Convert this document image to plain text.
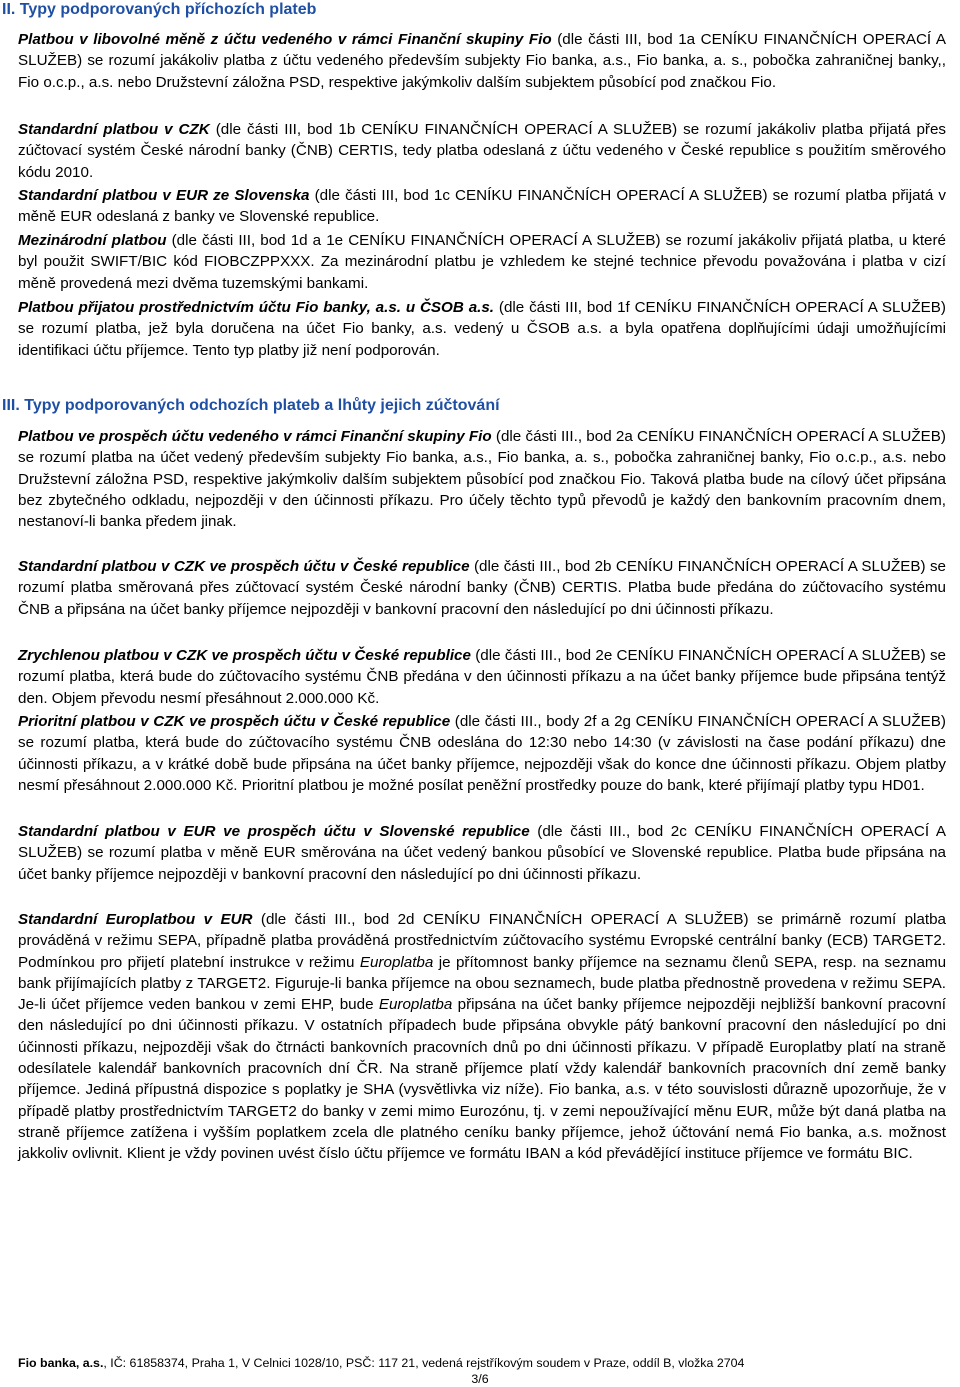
II. Typy podporovaných příchozích plateb

Platbou v libovolné měně z účtu vedeného v rámci Finanční skupiny Fio (dle části III, bod 1a CENÍKU FINANČNÍCH OPERACÍ A SLUŽEB) se rozumí jakákoliv platba z účtu vedeného především subjekty Fio banka, a.s., Fio banka, a. s., pobočka zahraničnej banky,, Fio o.c.p., a.s. nebo Družstevní záložna PSD, respektive jakýmkoliv dalším subjektem působící pod značkou Fio.

Standardní platbou v CZK (dle části III, bod 1b CENÍKU FINANČNÍCH OPERACÍ A SLUŽEB) se rozumí jakákoliv platba přijatá přes zúčtovací systém České národní banky (ČNB) CERTIS, tedy platba odeslaná z účtu vedeného v České republice s použitím směrového kódu 2010.

Standardní platbou v EUR ze Slovenska (dle části III, bod 1c CENÍKU FINANČNÍCH OPERACÍ A SLUŽEB) se rozumí platba přijatá v měně EUR odeslaná z banky ve Slovenské republice.

Mezinárodní platbou (dle části III, bod 1d a 1e CENÍKU FINANČNÍCH OPERACÍ A SLUŽEB) se rozumí jakákoliv přijatá platba, u které byl použit SWIFT/BIC kód FIOBCZPPXXX. Za mezinárodní platbu je vzhledem ke stejné technice převodu považována i platba v cizí měně provedená mezi dvěma tuzemskými bankami.

Platbou přijatou prostřednictvím účtu Fio banky, a.s. u ČSOB a.s. (dle části III, bod 1f CENÍKU FINANČNÍCH OPERACÍ A SLUŽEB) se rozumí platba, jež byla doručena na účet Fio banky, a.s. vedený u ČSOB a.s. a byla opatřena doplňujícími údaji umožňujícími identifikaci účtu příjemce. Tento typ platby již není podporován.

III. Typy podporovaných odchozích plateb a lhůty jejich zúčtování

Platbou ve prospěch účtu vedeného v rámci Finanční skupiny Fio (dle části III., bod 2a CENÍKU FINANČNÍCH OPERACÍ A SLUŽEB) se rozumí platba na účet vedený především subjekty Fio banka, a.s., Fio banka, a. s., pobočka zahraničnej banky, Fio o.c.p., a.s. nebo Družstevní záložna PSD, respektive jakýmkoliv dalším subjektem působící pod značkou Fio. Taková platba bude na cílový účet připsána bez zbytečného odkladu, nejpozději v den účinnosti příkazu. Pro účely těchto typů převodů je každý den bankovním pracovním dnem, nestanoví-li banka předem jinak.

Standardní platbou v CZK ve prospěch účtu v České republice (dle části III., bod 2b CENÍKU FINANČNÍCH OPERACÍ A SLUŽEB) se rozumí platba směrovaná přes zúčtovací systém České národní banky (ČNB) CERTIS. Platba bude předána do zúčtovacího systému ČNB a připsána na účet banky příjemce nejpozději v bankovní pracovní den následující po dni účinnosti příkazu.

Zrychlenou platbou v CZK ve prospěch účtu v České republice (dle části III., bod 2e CENÍKU FINANČNÍCH OPERACÍ A SLUŽEB) se rozumí platba, která bude do zúčtovacího systému ČNB předána v den účinnosti příkazu a na účet banky příjemce bude připsána tentýž den. Objem převodu nesmí přesáhnout 2.000.000 Kč.

Prioritní platbou v CZK ve prospěch účtu v České republice (dle části III., body 2f a 2g CENÍKU FINANČNÍCH OPERACÍ A SLUŽEB) se rozumí platba, která bude do zúčtovacího systému ČNB odeslána do 12:30 nebo 14:30 (v závislosti na čase podání příkazu) dne účinnosti příkazu, a v krátké době bude připsána na účet banky příjemce, nejpozději však do konce dne účinnosti příkazu. Objem platby nesmí přesáhnout 2.000.000 Kč. Prioritní platbou je možné posílat peněžní prostředky pouze do bank, které přijímají platby typu HD01.

Standardní platbou v EUR ve prospěch účtu v Slovenské republice (dle části III., bod 2c CENÍKU FINANČNÍCH OPERACÍ A SLUŽEB) se rozumí platba v měně EUR směrována na účet vedený bankou působící ve Slovenské republice. Platba bude připsána na účet banky příjemce nejpozději v bankovní pracovní den následující po dni účinnosti příkazu.

Standardní Europlatbou v EUR (dle části III., bod 2d CENÍKU FINANČNÍCH OPERACÍ A SLUŽEB) se primárně rozumí platba prováděná v režimu SEPA, případně platba prováděná prostřednictvím zúčtovacího systému Evropské centrální banky (ECB) TARGET2. Podmínkou pro přijetí platební instrukce v režimu Europlatba je přítomnost banky příjemce na seznamu členů SEPA, resp. na seznamu bank přijímajících platby z TARGET2. Figuruje-li banka příjemce na obou seznamech, bude platba přednostně provedena v režimu SEPA. Je-li účet příjemce veden bankou v zemi EHP, bude Europlatba připsána na účet banky příjemce nejpozději nejbližší bankovní pracovní den následující po dni účinnosti příkazu. V ostatních případech bude připsána obvykle pátý bankovní pracovní den následující po dni účinnosti příkazu, nejpozději však do čtrnácti bankovních pracovních dnů po dni účinnosti příkazu. V případě Europlatby platí na straně odesílatele kalendář bankovních pracovních dní ČR. Na straně příjemce platí vždy kalendář bankovních pracovních dní země banky příjemce. Jediná přípustná dispozice s poplatky je SHA (vysvětlivka viz níže). Fio banka, a.s. v této souvislosti důrazně upozorňuje, že v případě platby prostřednictvím TARGET2 do banky v zemi mimo Eurozónu, tj. v zemi nepoužívající měnu EUR, může být daná platba na straně příjemce zatížena i vyšším poplatkem zcela dle platného ceníku banky příjemce, jehož účtování nemá Fio banka, a.s. možnost jakkoliv ovlivnit. Klient je vždy povinen uvést číslo účtu příjemce ve formátu IBAN a kód převádějící instituce příjemce ve formátu BIC.

Fio banka, a.s., IČ: 61858374, Praha 1, V Celnici 1028/10, PSČ: 117 21, vedená rejstříkovým soudem v Praze, oddíl B, vložka 2704
3/6
